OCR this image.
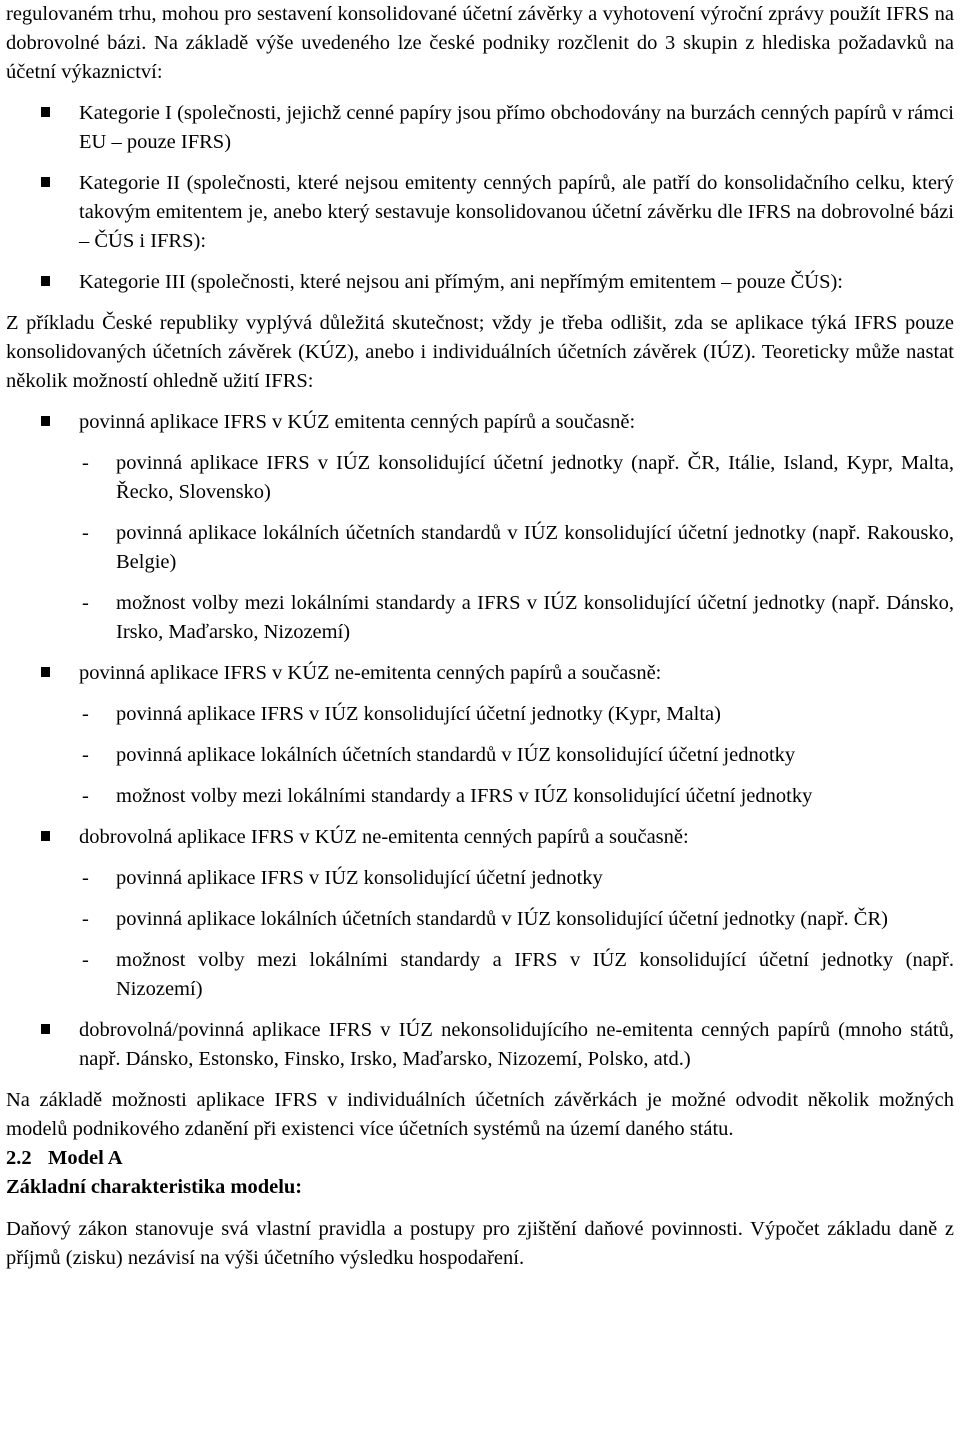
regulovaném trhu, mohou pro sestavení konsolidované účetní závěrky a vyhotovení výroční zprávy použít IFRS na dobrovolné bázi. Na základě výše uvedeného lze české podniky rozčlenit do 3 skupin z hlediska požadavků na účetní výkaznictví:

Kategorie I (společnosti, jejichž cenné papíry jsou přímo obchodovány na burzách cenných papírů v rámci EU – pouze IFRS)
Kategorie II (společnosti, které nejsou emitenty cenných papírů, ale patří do konsolidačního celku, který takovým emitentem je, anebo který sestavuje konsolidovanou účetní závěrku dle IFRS na dobrovolné bázi – ČÚS i IFRS):
Kategorie III (společnosti, které nejsou ani přímým, ani nepřímým emitentem – pouze ČÚS):

Z příkladu České republiky vyplývá důležitá skutečnost; vždy je třeba odlišit, zda se aplikace týká IFRS pouze konsolidovaných účetních závěrek (KÚZ), anebo i individuálních účetních závěrek (IÚZ). Teoreticky může nastat několik možností ohledně užití IFRS:

povinná aplikace IFRS v KÚZ emitenta cenných papírů a současně:
- povinná aplikace IFRS v IÚZ konsolidující účetní jednotky (např. ČR, Itálie, Island, Kypr, Malta, Řecko, Slovensko)
- povinná aplikace lokálních účetních standardů v IÚZ konsolidující účetní jednotky (např. Rakousko, Belgie)
- možnost volby mezi lokálními standardy a IFRS v IÚZ konsolidující účetní jednotky (např. Dánsko, Irsko, Maďarsko, Nizozemí)
povinná aplikace IFRS v KÚZ ne-emitenta cenných papírů a současně:
- povinná aplikace IFRS v IÚZ konsolidující účetní jednotky (Kypr, Malta)
- povinná aplikace lokálních účetních standardů v IÚZ konsolidující účetní jednotky
- možnost volby mezi lokálními standardy a IFRS v IÚZ konsolidující účetní jednotky
dobrovolná aplikace IFRS v KÚZ ne-emitenta cenných papírů a současně:
- povinná aplikace IFRS v IÚZ konsolidující účetní jednotky
- povinná aplikace lokálních účetních standardů v IÚZ konsolidující účetní jednotky (např. ČR)
- možnost volby mezi lokálními standardy a IFRS v IÚZ konsolidující účetní jednotky (např. Nizozemí)
dobrovolná/povinná aplikace IFRS v IÚZ nekonsolidujícího ne-emitenta cenných papírů (mnoho států, např. Dánsko, Estonsko, Finsko, Irsko, Maďarsko, Nizozemí, Polsko, atd.)

Na základě možnosti aplikace IFRS v individuálních účetních závěrkách je možné odvodit několik možných modelů podnikového zdanění při existenci více účetních systémů na území daného státu.

2.2 Model A
Základní charakteristika modelu:

Daňový zákon stanovuje svá vlastní pravidla a postupy pro zjištění daňové povinnosti. Výpočet základu daně z příjmů (zisku) nezávisí na výši účetního výsledku hospodaření.
